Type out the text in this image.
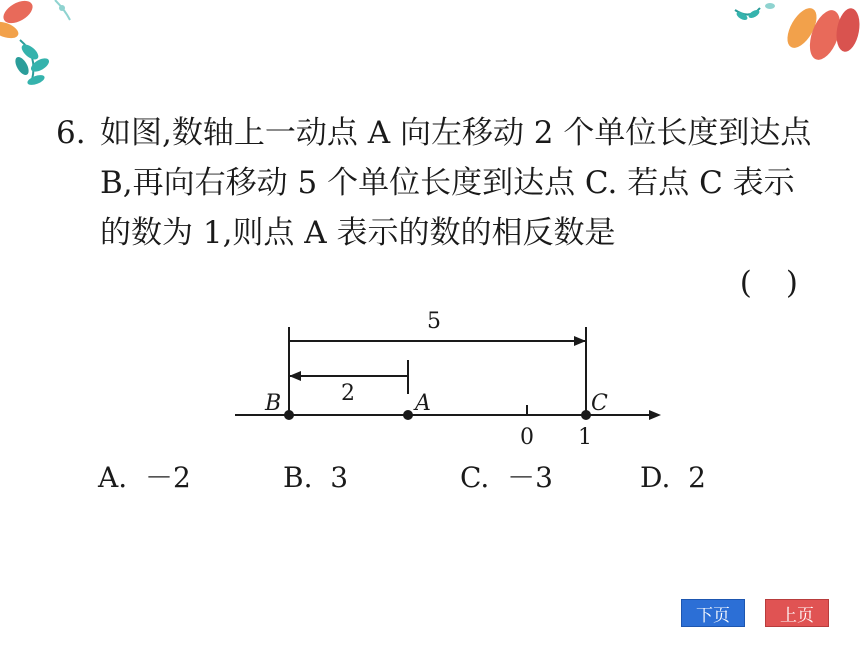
6. 如图,数轴上一动点 A 向左移动 2 个单位长度到达点 B,再向右移动 5 个单位长度到达点 C. 若点 C 表示的数为 1,则点 A 表示的数的相反数是
( )
5
2
0 1
B	A	C
A. －2	B. 3	C. －3	D. 2
下页	上页
